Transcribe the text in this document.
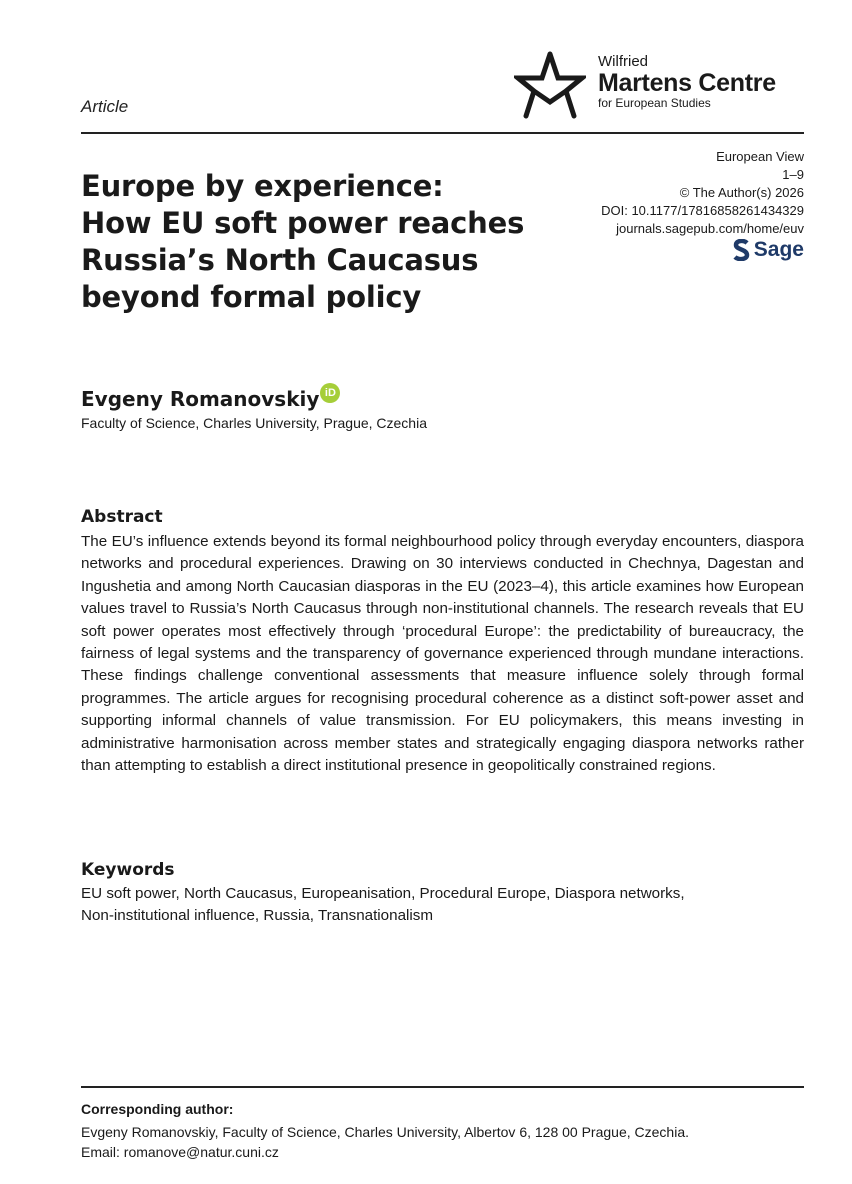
Article
Wilfried
Martens Centre
for European Studies
European View
1–9
© The Author(s) 2026
DOI: 10.1177/17816858261434329
journals.sagepub.com/home/euv
Sage
Europe by experience:
How EU soft power reaches
Russia’s North Caucasus
beyond formal policy
Evgeny Romanovskiy iD
Faculty of Science, Charles University, Prague, Czechia
Abstract
The EU’s influence extends beyond its formal neighbourhood policy through everyday encounters, diaspora networks and procedural experiences. Drawing on 30 interviews conducted in Chechnya, Dagestan and Ingushetia and among North Caucasian diasporas in the EU (2023–4), this article examines how European values travel to Russia’s North Caucasus through non-institutional channels. The research reveals that EU soft power operates most effectively through ‘procedural Europe’: the predictability of bureaucracy, the fairness of legal systems and the transparency of governance experienced through mundane interactions. These findings challenge conventional assessments that measure influence solely through formal programmes. The article argues for recognising procedural coherence as a distinct soft-power asset and supporting informal channels of value transmission. For EU policymakers, this means investing in administrative harmonisation across member states and strategically engaging diaspora networks rather than attempting to establish a direct institutional presence in geopolitically constrained regions.
Keywords
EU soft power, North Caucasus, Europeanisation, Procedural Europe, Diaspora networks,
Non-institutional influence, Russia, Transnationalism
Corresponding author:
Evgeny Romanovskiy, Faculty of Science, Charles University, Albertov 6, 128 00 Prague, Czechia.
Email: romanove@natur.cuni.cz
